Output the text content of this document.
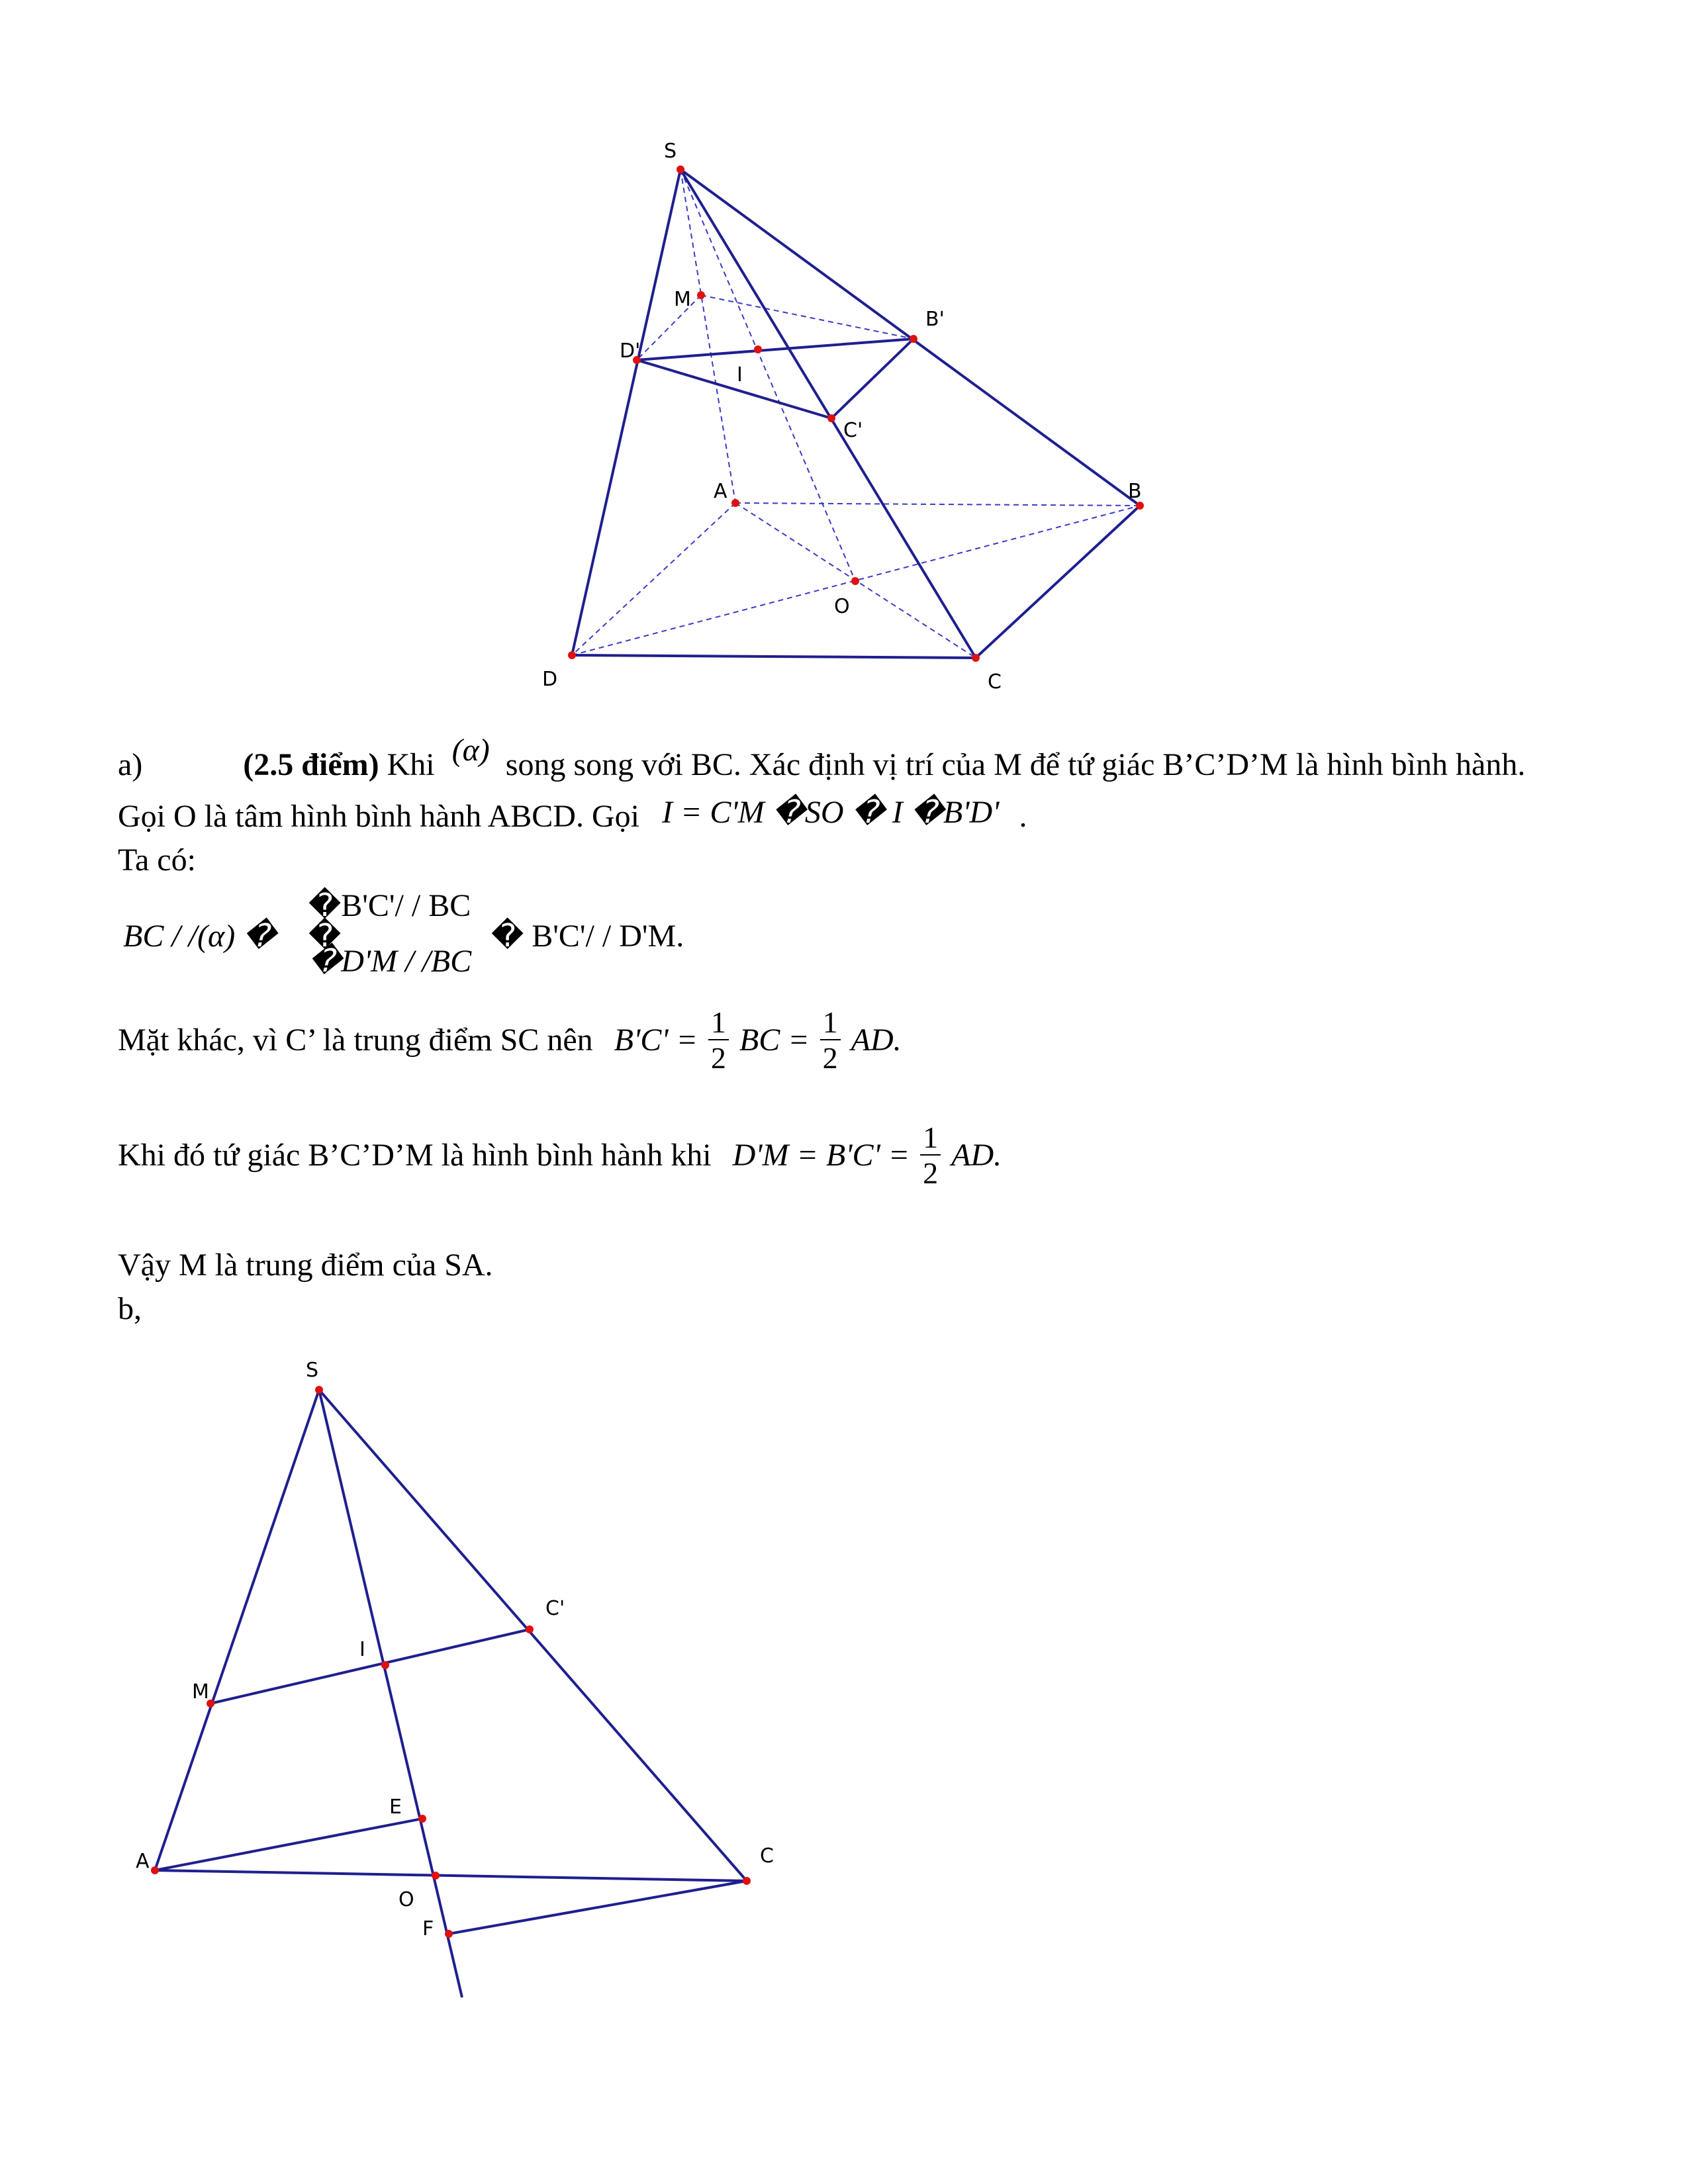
S
M
B'
D'
I
C'
A	B
O
D	C
S
C'
I
M
E
A	C
O
F
a)	(2.5 điểm) Khi (α) song song với BC. Xác định vị trí của M để tứ giác B’C’D’M là hình bình hành.
Gọi O là tâm hình bình hành ABCD. Gọi I = C'M �SO � I �B'D' .
Ta có:
BC / /(α) �
�B'C'/ / BC
�
�D'M / /BC
� B'C'/ / D'M.
Mặt khác, vì C’ là trung điểm SC nên $B'C' = \frac{1}{2}$ BC = $\frac{1}{2}$ AD.
Khi đó tứ giác B’C’D’M là hình bình hành khi $D'M = B'C' = \frac{1}{2}$ AD.
Vậy M là trung điểm của SA.
b,
